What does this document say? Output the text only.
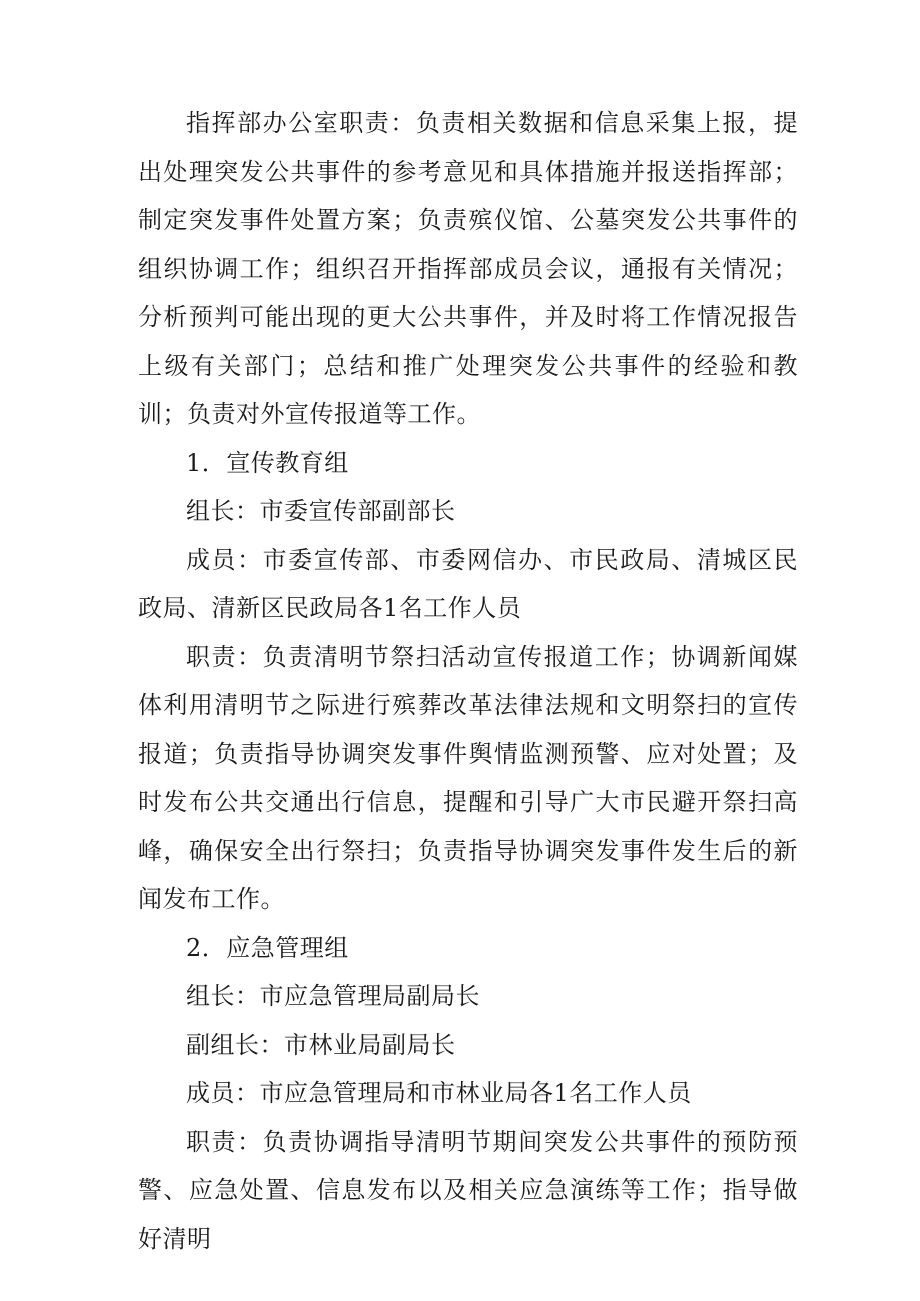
指挥部办公室职责：负责相关数据和信息采集上报，提出处理突发公共事件的参考意见和具体措施并报送指挥部；制定突发事件处置方案；负责殡仪馆、公墓突发公共事件的组织协调工作；组织召开指挥部成员会议，通报有关情况；分析预判可能出现的更大公共事件，并及时将工作情况报告上级有关部门；总结和推广处理突发公共事件的经验和教训；负责对外宣传报道等工作。

1．宣传教育组

组长：市委宣传部副部长

成员：市委宣传部、市委网信办、市民政局、清城区民政局、清新区民政局各1名工作人员

职责：负责清明节祭扫活动宣传报道工作；协调新闻媒体利用清明节之际进行殡葬改革法律法规和文明祭扫的宣传报道；负责指导协调突发事件舆情监测预警、应对处置；及时发布公共交通出行信息，提醒和引导广大市民避开祭扫高峰，确保安全出行祭扫；负责指导协调突发事件发生后的新闻发布工作。

2．应急管理组

组长：市应急管理局副局长

副组长：市林业局副局长

成员：市应急管理局和市林业局各1名工作人员

职责：负责协调指导清明节期间突发公共事件的预防预警、应急处置、信息发布以及相关应急演练等工作；指导做好清明
